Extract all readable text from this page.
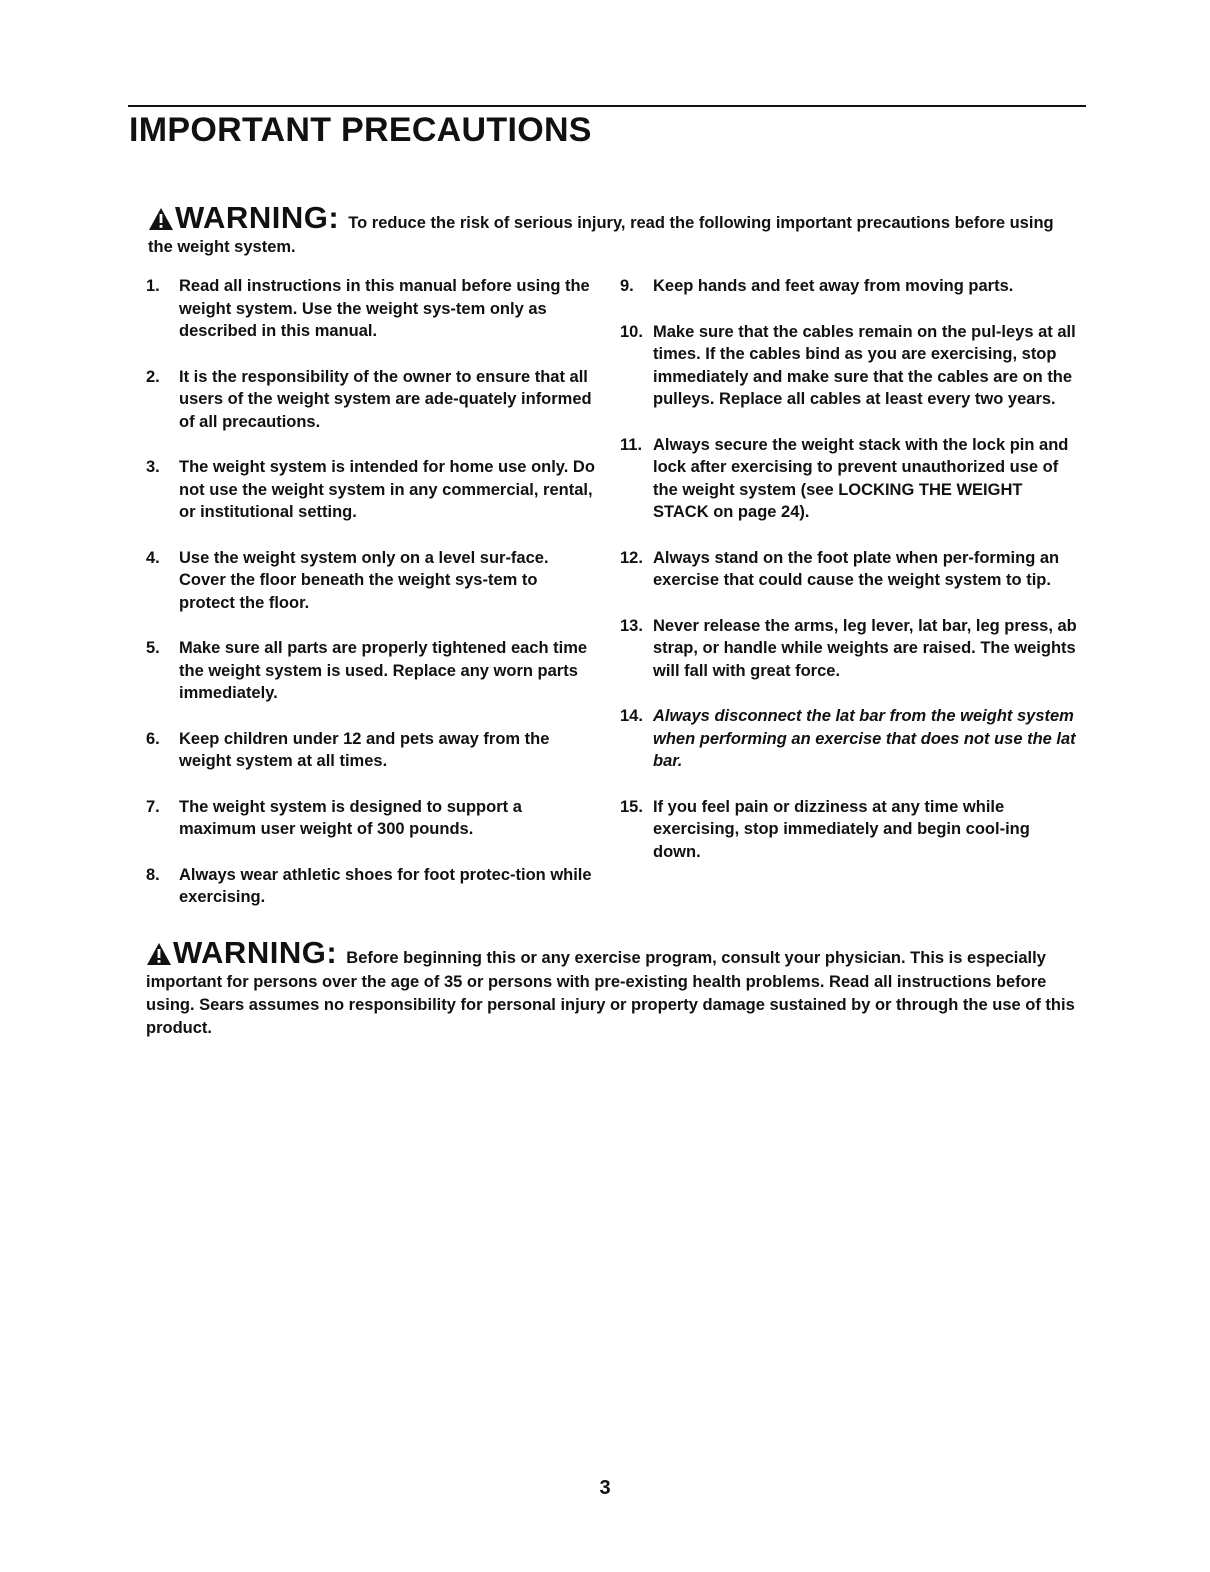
IMPORTANT PRECAUTIONS
WARNING: To reduce the risk of serious injury, read the following important precautions before using the weight system.
1. Read all instructions in this manual before using the weight system. Use the weight sys-tem only as described in this manual.
2. It is the responsibility of the owner to ensure that all users of the weight system are ade-quately informed of all precautions.
3. The weight system is intended for home use only. Do not use the weight system in any commercial, rental, or institutional setting.
4. Use the weight system only on a level sur-face. Cover the floor beneath the weight sys-tem to protect the floor.
5. Make sure all parts are properly tightened each time the weight system is used. Replace any worn parts immediately.
6. Keep children under 12 and pets away from the weight system at all times.
7. The weight system is designed to support a maximum user weight of 300 pounds.
8. Always wear athletic shoes for foot protec-tion while exercising.
9. Keep hands and feet away from moving parts.
10. Make sure that the cables remain on the pul-leys at all times. If the cables bind as you are exercising, stop immediately and make sure that the cables are on the pulleys. Replace all cables at least every two years.
11. Always secure the weight stack with the lock pin and lock after exercising to prevent unauthorized use of the weight system (see LOCKING THE WEIGHT STACK on page 24).
12. Always stand on the foot plate when per-forming an exercise that could cause the weight system to tip.
13. Never release the arms, leg lever, lat bar, leg press, ab strap, or handle while weights are raised. The weights will fall with great force.
14. Always disconnect the lat bar from the weight system when performing an exercise that does not use the lat bar.
15. If you feel pain or dizziness at any time while exercising, stop immediately and begin cool-ing down.
WARNING: Before beginning this or any exercise program, consult your physician. This is especially important for persons over the age of 35 or persons with pre-existing health problems. Read all instructions before using. Sears assumes no responsibility for personal injury or property damage sustained by or through the use of this product.
3
